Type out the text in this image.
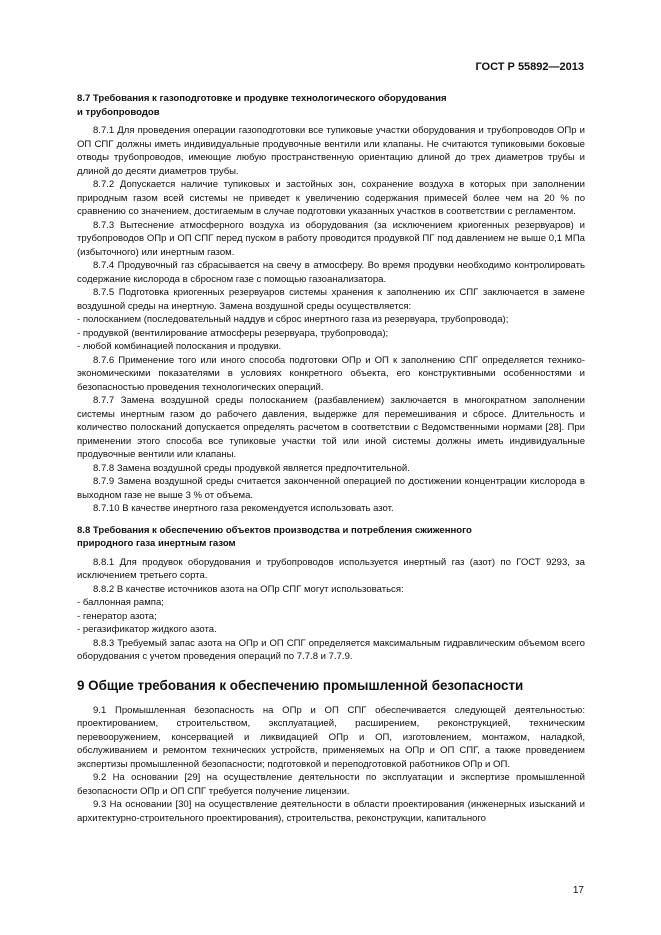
ГОСТ Р 55892—2013
8.7 Требования к газоподготовке и продувке технологического оборудования
и трубопроводов

8.7.1 Для проведения операции газоподготовки все тупиковые участки оборудования и трубопроводов ОПр и ОП СПГ должны иметь индивидуальные продувочные вентили или клапаны. Не считаются тупиковыми боковые отводы трубопроводов, имеющие любую пространственную ориентацию длиной до трех диаметров трубы и длиной до десяти диаметров трубы.

8.7.2 Допускается наличие тупиковых и застойных зон, сохранение воздуха в которых при заполнении природным газом всей системы не приведет к увеличению содержания примесей более чем на 20 % по сравнению со значением, достигаемым в случае подготовки указанных участков в соответствии с регламентом.

8.7.3 Вытеснение атмосферного воздуха из оборудования (за исключением криогенных резервуаров) и трубопроводов ОПр и ОП СПГ перед пуском в работу проводится продувкой ПГ под давлением не выше 0,1 МПа (избыточного) или инертным газом.

8.7.4 Продувочный газ сбрасывается на свечу в атмосферу. Во время продувки необходимо контролировать содержание кислорода в сбросном газе с помощью газоанализатора.

8.7.5 Подготовка криогенных резервуаров системы хранения к заполнению их СПГ заключается в замене воздушной среды на инертную. Замена воздушной среды осуществляется:

- полосканием (последовательный наддув и сброс инертного газа из резервуара, трубопровода);

- продувкой (вентилирование атмосферы резервуара, трубопровода);

- любой комбинацией полоскания и продувки.

8.7.6 Применение того или иного способа подготовки ОПр и ОП к заполнению СПГ определяется технико-экономическими показателями в условиях конкретного объекта, его конструктивными особенностями и безопасностью проведения технологических операций.

8.7.7 Замена воздушной среды полосканием (разбавлением) заключается в многократном заполнении системы инертным газом до рабочего давления, выдержке для перемешивания и сбросе. Длительность и количество полосканий допускается определять расчетом в соответствии с Ведомственными нормами [28]. При применении этого способа все тупиковые участки той или иной системы должны иметь индивидуальные продувочные вентили или клапаны.

8.7.8 Замена воздушной среды продувкой является предпочтительной.

8.7.9 Замена воздушной среды считается законченной операцией по достижении концентрации кислорода в выходном газе не выше 3 % от объема.

8.7.10 В качестве инертного газа рекомендуется использовать азот.

8.8 Требования к обеспечению объектов производства и потребления сжиженного
природного газа инертным газом

8.8.1 Для продувок оборудования и трубопроводов используется инертный газ (азот) по ГОСТ 9293, за исключением третьего сорта.

8.8.2 В качестве источников азота на ОПр СПГ могут использоваться:

- баллонная рампа;

- генератор азота;

- регазификатор жидкого азота.

8.8.3 Требуемый запас азота на ОПр и ОП СПГ определяется максимальным гидравлическим объемом всего оборудования с учетом проведения операций по 7.7.8 и 7.7.9.

9 Общие требования к обеспечению промышленной безопасности

9.1 Промышленная безопасность на ОПр и ОП СПГ обеспечивается следующей деятельностью: проектированием, строительством, эксплуатацией, расширением, реконструкцией, техническим перевооружением, консервацией и ликвидацией ОПр и ОП, изготовлением, монтажом, наладкой, обслуживанием и ремонтом технических устройств, применяемых на ОПр и ОП СПГ, а также проведением экспертизы промышленной безопасности; подготовкой и переподготовкой работников ОПр и ОП.

9.2 На основании [29] на осуществление деятельности по эксплуатации и экспертизе промышленной безопасности ОПр и ОП СПГ требуется получение лицензии.

9.3 На основании [30] на осуществление деятельности в области проектирования (инженерных изысканий и архитектурно-строительного проектирования), строительства, реконструкции, капитального

17
